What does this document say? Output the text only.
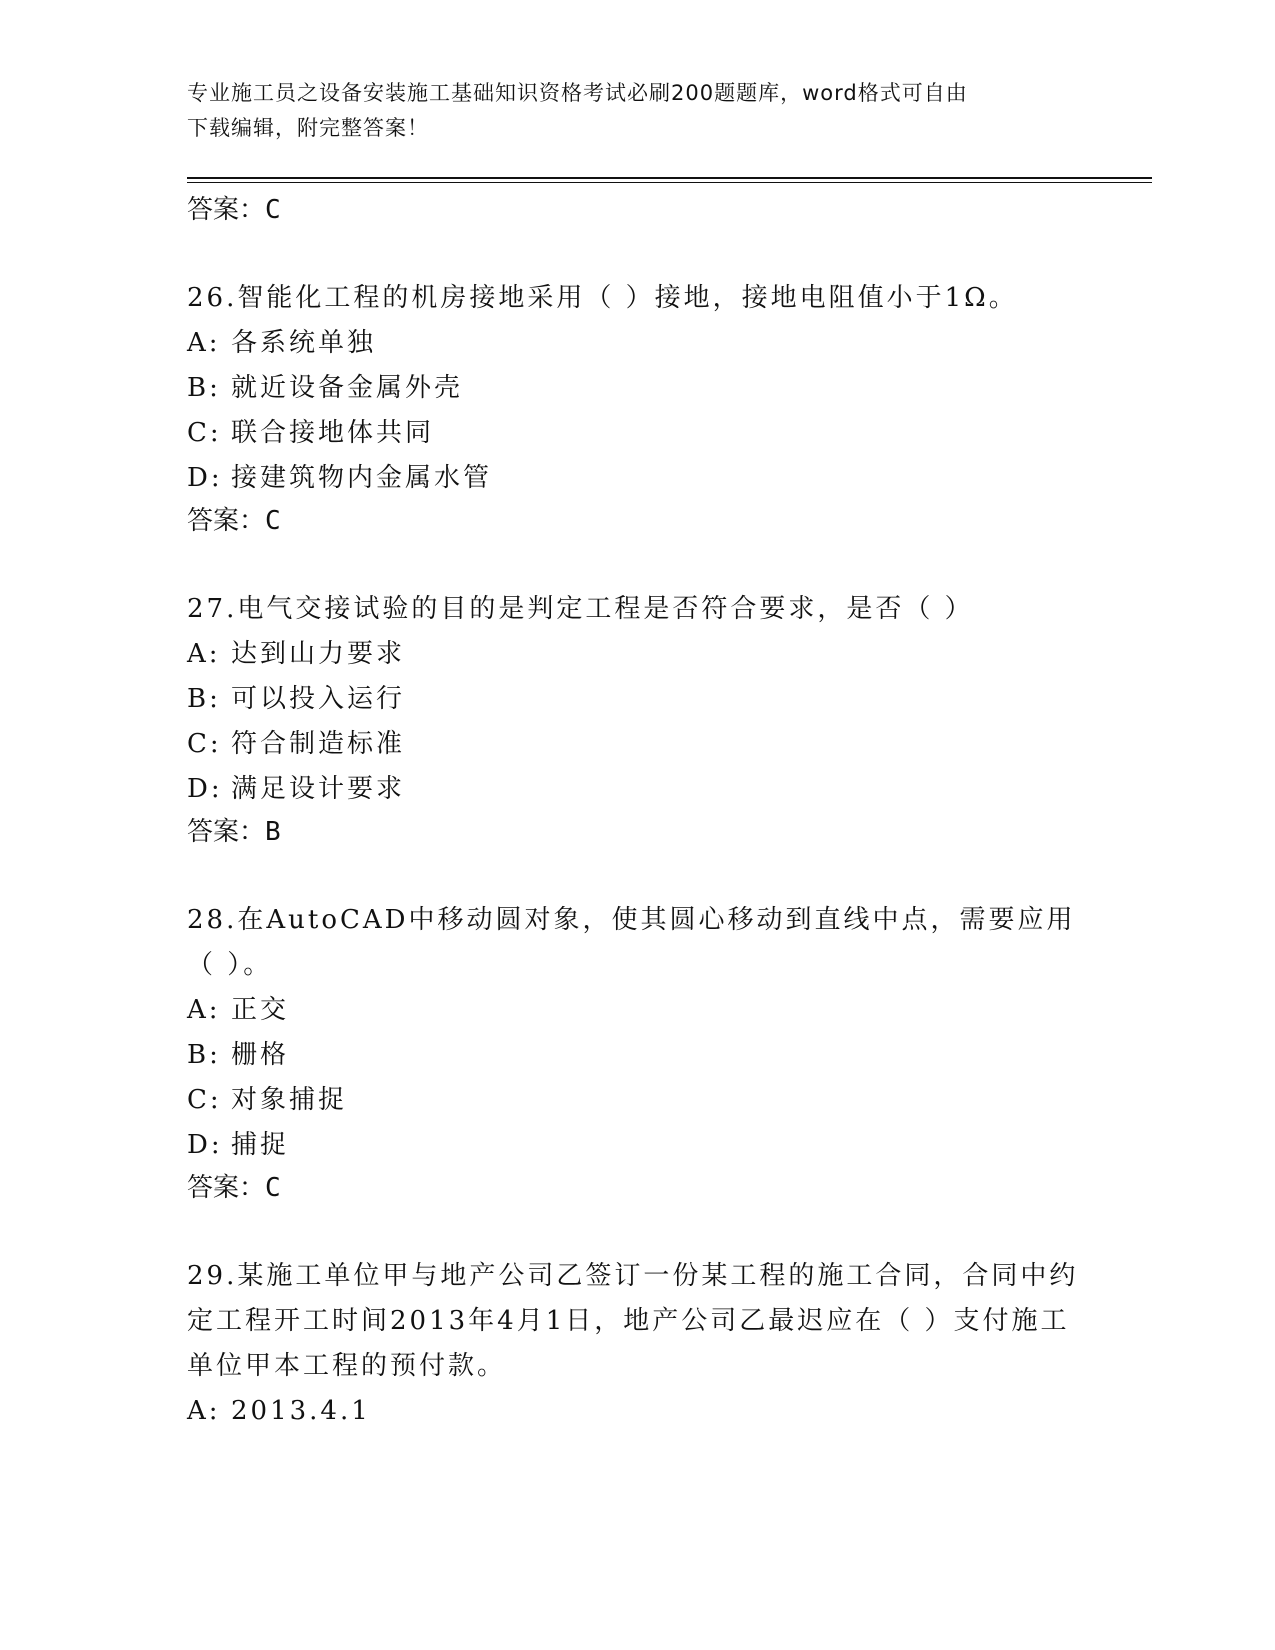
专业施工员之设备安装施工基础知识资格考试必刷200题题库，word格式可自由
下载编辑，附完整答案！

答案：C

26.智能化工程的机房接地采用（ ）接地，接地电阻值小于1Ω。

A: 各系统单独
B: 就近设备金属外壳
C: 联合接地体共同
D: 接建筑物内金属水管

答案：C

27.电气交接试验的目的是判定工程是否符合要求，是否（ ）

A: 达到山力要求
B: 可以投入运行
C: 符合制造标准
D: 满足设计要求

答案：B

28.在AutoCAD中移动圆对象，使其圆心移动到直线中点，需要应用（ ）。

A: 正交
B: 栅格
C: 对象捕捉
D: 捕捉

答案：C

29.某施工单位甲与地产公司乙签订一份某工程的施工合同，合同中约定工程开工时间2013年4月1日，地产公司乙最迟应在（ ）支付施工单位甲本工程的预付款。

A: 2013.4.1
